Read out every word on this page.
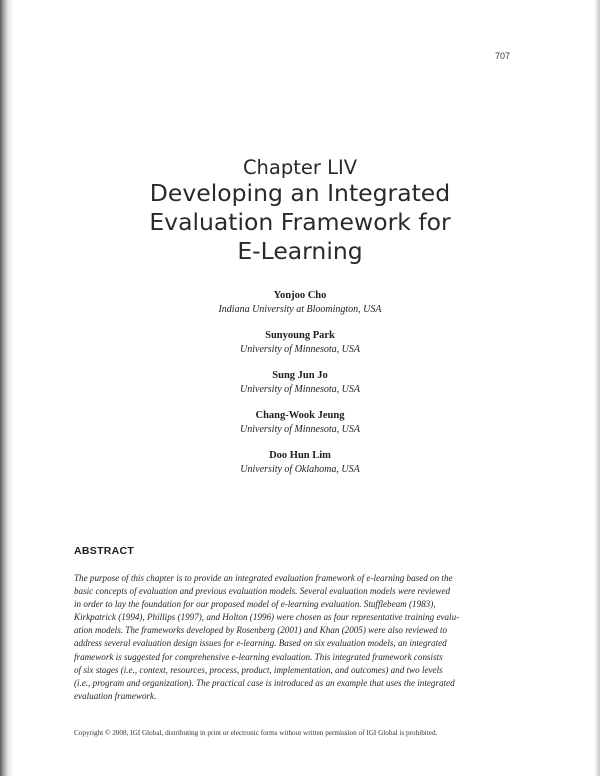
707
Chapter LIV
Developing an Integrated
Evaluation Framework for
E-Learning
Yonjoo Cho
Indiana University at Bloomington, USA
Sunyoung Park
University of Minnesota, USA
Sung Jun Jo
University of Minnesota, USA
Chang-Wook Jeung
University of Minnesota, USA
Doo Hun Lim
University of Oklahoma, USA
ABSTRACT
The purpose of this chapter is to provide an integrated evaluation framework of e-learning based on the
basic concepts of evaluation and previous evaluation models. Several evaluation models were reviewed
in order to lay the foundation for our proposed model of e-learning evaluation. Stufflebeam (1983),
Kirkpatrick (1994), Phillips (1997), and Holton (1996) were chosen as four representative training evalu-
ation models. The frameworks developed by Rosenberg (2001) and Khan (2005) were also reviewed to
address several evaluation design issues for e-learning. Based on six evaluation models, an integrated
framework is suggested for comprehensive e-learning evaluation. This integrated framework consists
of six stages (i.e., context, resources, process, product, implementation, and outcomes) and two levels
(i.e., program and organization). The practical case is introduced as an example that uses the integrated
evaluation framework.
Copyright © 2008, IGI Global, distributing in print or electronic forms without written permission of IGI Global is prohibited.
